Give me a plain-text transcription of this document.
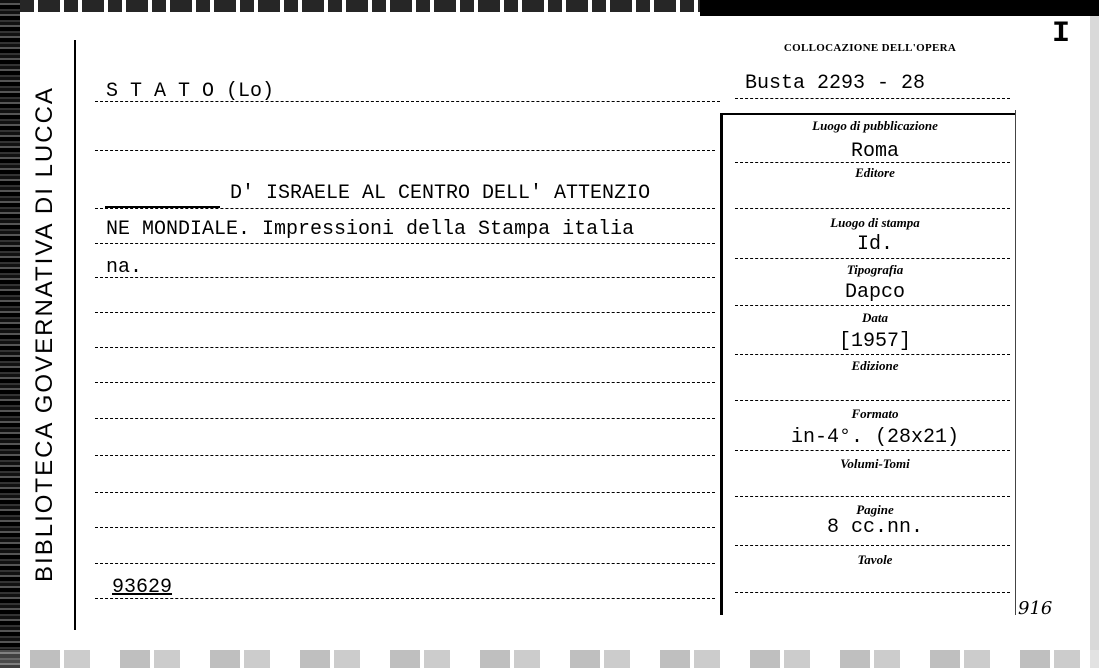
BIBLIOTECA GOVERNATIVA DI LUCCA
I
COLLOCAZIONE DELL'OPERA
Busta 2293 - 28
S T A T O (Lo)
D' ISRAELE AL CENTRO DELL' ATTENZIO
NE MONDIALE. Impressioni della Stampa italia
na.
93629
Luogo di pubblicazione
Roma
Editore
Luogo di stampa
Id.
Tipografia
Dapco
Data
[1957]
Edizione
Formato
in-4°. (28x21)
Volumi-Tomi
Pagine
8 cc.nn.
Tavole
916
